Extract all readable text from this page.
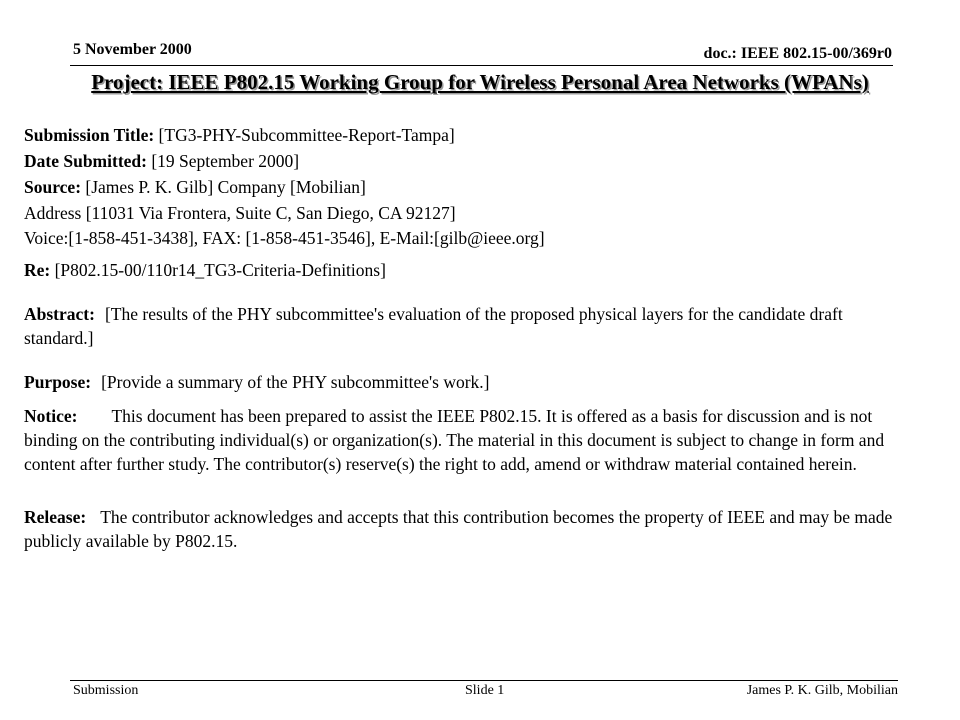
5 November 2000	doc.: IEEE 802.15-00/369r0
Project: IEEE P802.15 Working Group for Wireless Personal Area Networks (WPANs)
Submission Title: [TG3-PHY-Subcommittee-Report-Tampa]
Date Submitted: [19 September 2000]
Source: [James P. K. Gilb] Company [Mobilian]
Address [11031 Via Frontera, Suite C, San Diego, CA 92127]
Voice:[1-858-451-3438], FAX: [1-858-451-3546], E-Mail:[gilb@ieee.org]
Re: [P802.15-00/110r14_TG3-Criteria-Definitions]
Abstract: [The results of the PHY subcommittee's evaluation of the proposed physical layers for the candidate draft standard.]
Purpose: [Provide a summary of the PHY subcommittee's work.]
Notice: This document has been prepared to assist the IEEE P802.15. It is offered as a basis for discussion and is not binding on the contributing individual(s) or organization(s). The material in this document is subject to change in form and content after further study. The contributor(s) reserve(s) the right to add, amend or withdraw material contained herein.
Release: The contributor acknowledges and accepts that this contribution becomes the property of IEEE and may be made publicly available by P802.15.
Submission	Slide 1	James P. K. Gilb, Mobilian
